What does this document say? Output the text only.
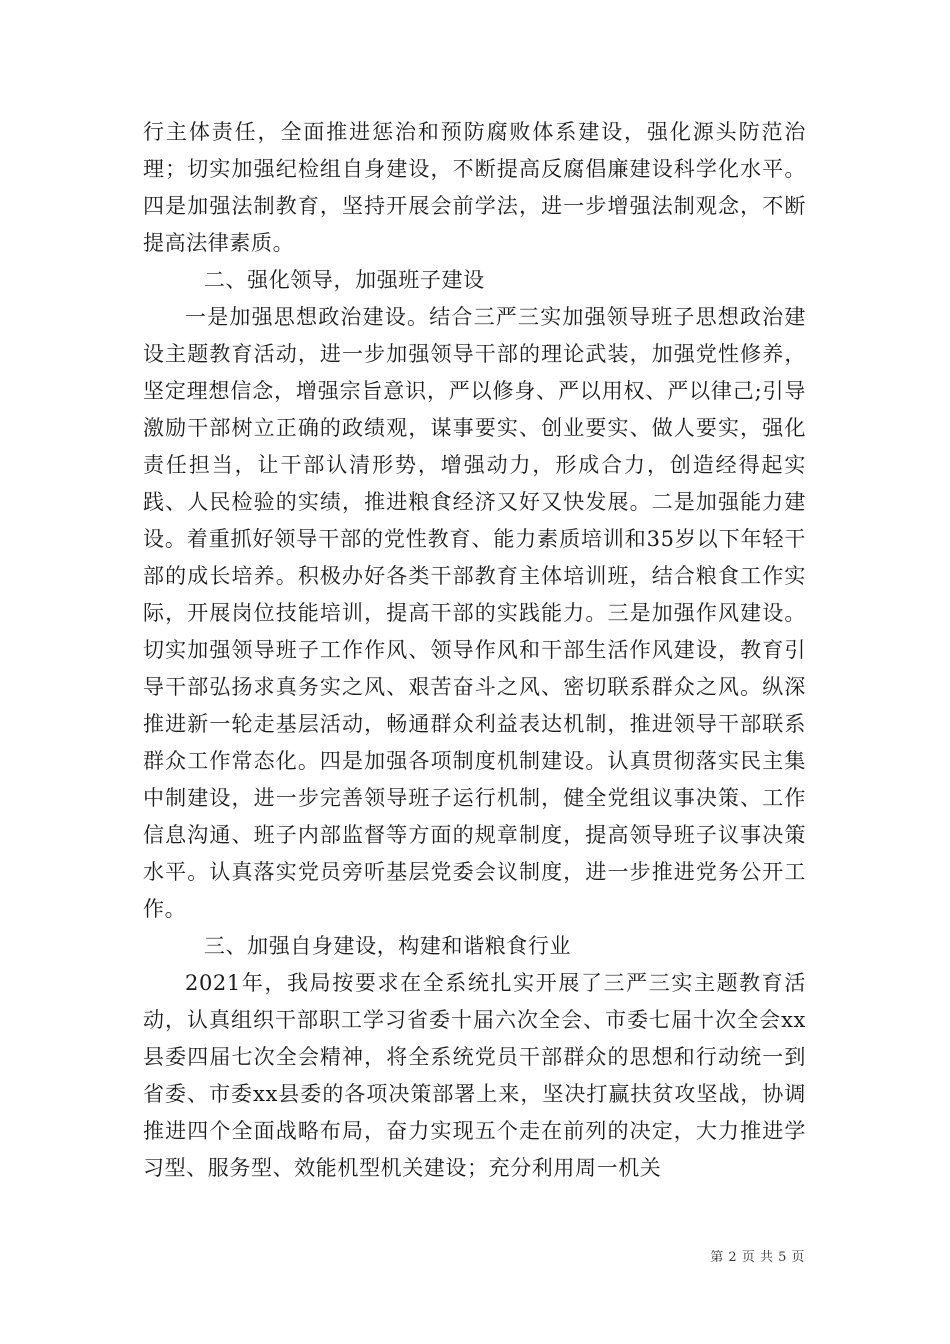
行主体责任，全面推进惩治和预防腐败体系建设，强化源头防范治理；切实加强纪检组自身建设，不断提高反腐倡廉建设科学化水平。四是加强法制教育，坚持开展会前学法，进一步增强法制观念，不断提高法律素质。

二、强化领导，加强班子建设

一是加强思想政治建设。结合三严三实加强领导班子思想政治建设主题教育活动，进一步加强领导干部的理论武装，加强党性修养，坚定理想信念，增强宗旨意识，严以修身、严以用权、严以律己;引导激励干部树立正确的政绩观，谋事要实、创业要实、做人要实，强化责任担当，让干部认清形势，增强动力，形成合力，创造经得起实践、人民检验的实绩，推进粮食经济又好又快发展。二是加强能力建设。着重抓好领导干部的党性教育、能力素质培训和35岁以下年轻干部的成长培养。积极办好各类干部教育主体培训班，结合粮食工作实际，开展岗位技能培训，提高干部的实践能力。三是加强作风建设。切实加强领导班子工作作风、领导作风和干部生活作风建设，教育引导干部弘扬求真务实之风、艰苦奋斗之风、密切联系群众之风。纵深推进新一轮走基层活动，畅通群众利益表达机制，推进领导干部联系群众工作常态化。四是加强各项制度机制建设。认真贯彻落实民主集中制建设，进一步完善领导班子运行机制，健全党组议事决策、工作信息沟通、班子内部监督等方面的规章制度，提高领导班子议事决策水平。认真落实党员旁听基层党委会议制度，进一步推进党务公开工作。

三、加强自身建设，构建和谐粮食行业

2021年，我局按要求在全系统扎实开展了三严三实主题教育活动，认真组织干部职工学习省委十届六次全会、市委七届十次全会xx县委四届七次全会精神，将全系统党员干部群众的思想和行动统一到省委、市委xx县委的各项决策部署上来，坚决打赢扶贫攻坚战，协调推进四个全面战略布局，奋力实现五个走在前列的决定，大力推进学习型、服务型、效能机型机关建设；充分利用周一机关

第 2 页 共 5 页
